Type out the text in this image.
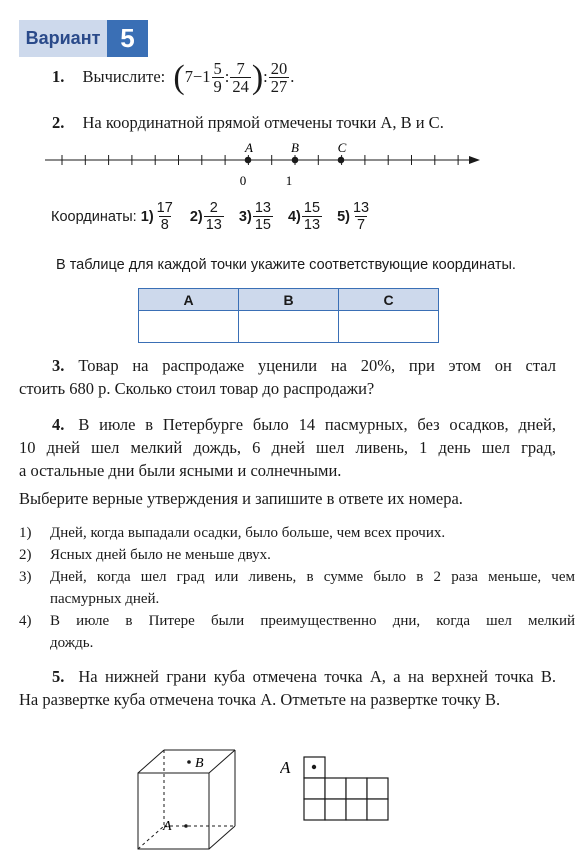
Вариант 5
1. Вычислите: ($7-1 \frac{5}{9}$ : $\frac{7}{24}$ ): $\frac{20}{27}$ .
2. На координатной прямой отмечены точки A, B и C.
A	B	C
0	1
Координаты: $1) \frac{17}{8} 2) \frac{2}{13} 3) \frac{13}{15} 4) \frac{15}{13} 5) \frac{13}{7}$
В таблице для каждой точки укажите соответствующие координаты.
A	B	C

3. Товар на распродаже уценили на 20%, при этом он стал
стоить 680 р. Сколько стоил товар до распродажи?
4. В июле в Петербурге было 14 пасмурных, без осадков, дней,
10 дней шел мелкий дождь, 6 дней шел ливень, 1 день шел град,
а остальные дни были ясными и солнечными.
Выберите верные утверждения и запишите в ответе их номера.
1) Дней, когда выпадали осадки, было больше, чем всех прочих.
2) Ясных дней было не меньше двух.
3) Дней, когда шел град или ливень, в сумме было в 2 раза меньше, чем
пасмурных дней.
4) В июле в Питере были преимущественно дни, когда шел мелкий
дождь.
5. На нижней грани куба отмечена точка А, а на верхней точка В.
На развертке куба отмечена точка А. Отметьте на развертке точку В.
B
A
A
